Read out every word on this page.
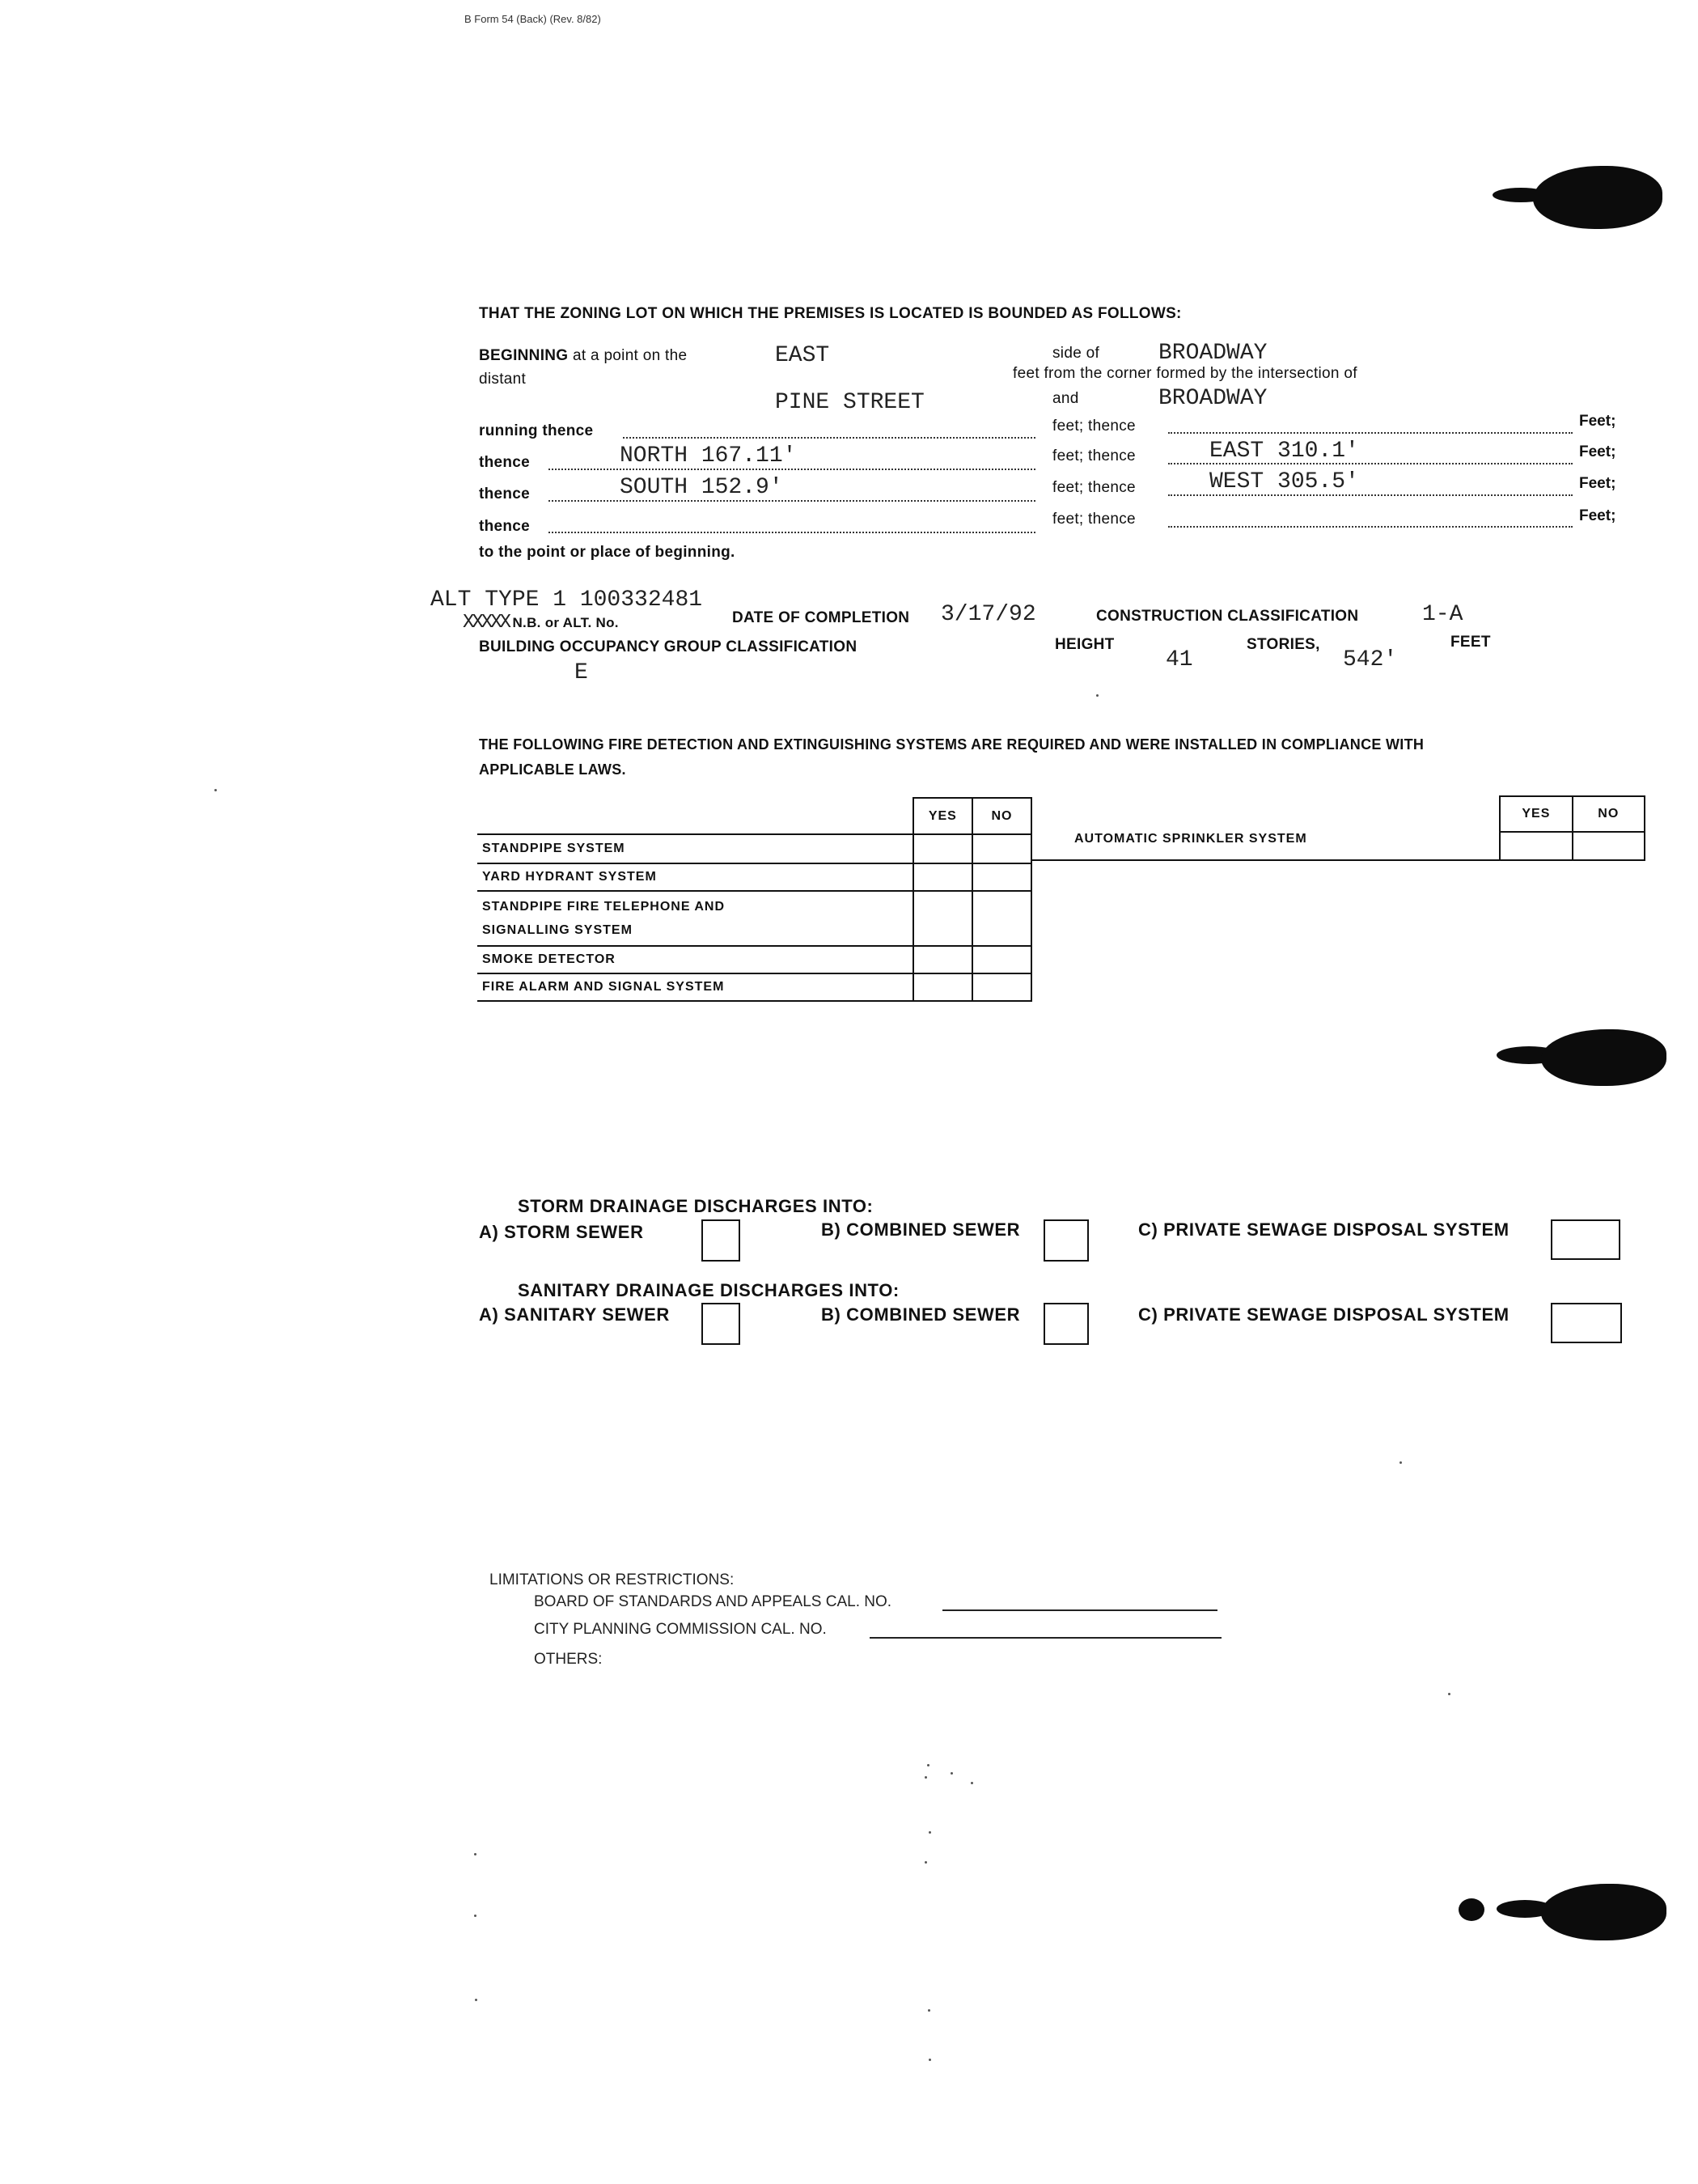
B Form 54 (Back) (Rev. 8/82)
THAT THE ZONING LOT ON WHICH THE PREMISES IS LOCATED IS BOUNDED AS FOLLOWS:
BEGINNING at a point on the
distant
EAST	side of	BROADWAY
feet from the corner formed by the intersection of
PINE STREET	and	BROADWAY
running thence	feet; thence	Feet;
thence	NORTH 167.11'	feet; thence	EAST 310.1'	Feet;
thence	SOUTH 152.9'	feet; thence	WEST 305.5'	Feet;
thence	feet; thence	Feet;
to the point or place of beginning.
ALT TYPE 1 100332481
XXXXX N.B. or ALT. No.	DATE OF COMPLETION 3/17/92	CONSTRUCTION CLASSIFICATION	1-A
BUILDING OCCUPANCY GROUP CLASSIFICATION
E
HEIGHT
41
STORIES,
542'
FEET
THE FOLLOWING FIRE DETECTION AND EXTINGUISHING SYSTEMS ARE REQUIRED AND WERE INSTALLED IN COMPLIANCE WITH
APPLICABLE LAWS.
	YES	NO
STANDPIPE SYSTEM		
YARD HYDRANT SYSTEM		
STANDPIPE FIRE TELEPHONE AND
SIGNALLING SYSTEM		
SMOKE DETECTOR		
FIRE ALARM AND SIGNAL SYSTEM		
	YES	NO
AUTOMATIC SPRINKLER SYSTEM		
STORM DRAINAGE DISCHARGES INTO:
A) STORM SEWER	B) COMBINED SEWER	C) PRIVATE SEWAGE DISPOSAL SYSTEM
SANITARY DRAINAGE DISCHARGES INTO:
A) SANITARY SEWER	B) COMBINED SEWER	C) PRIVATE SEWAGE DISPOSAL SYSTEM
LIMITATIONS OR RESTRICTIONS:
BOARD OF STANDARDS AND APPEALS CAL. NO.
CITY PLANNING COMMISSION CAL. NO.
OTHERS:
